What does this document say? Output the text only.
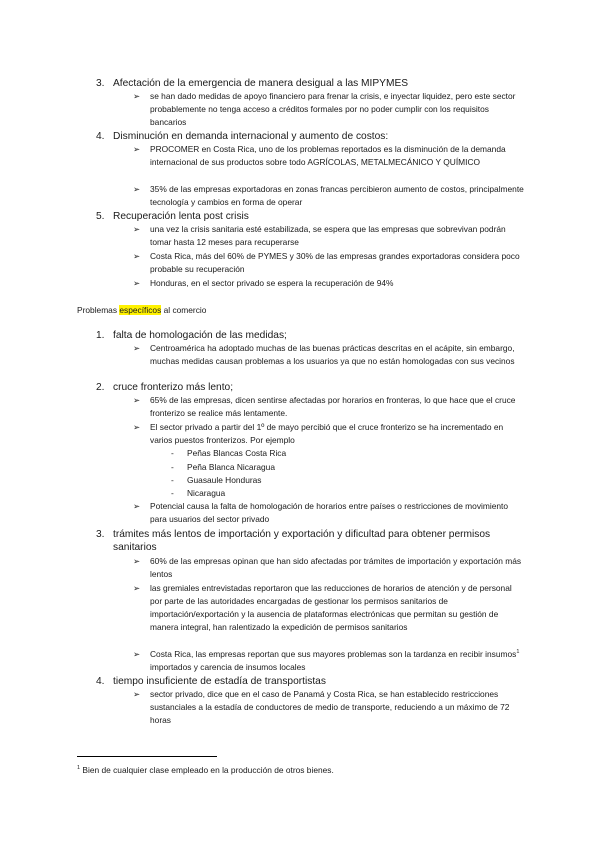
3. Afectación de la emergencia de manera desigual a las MIPYMES
➢	se han dado medidas de apoyo financiero para frenar la crisis, e inyectar liquidez, pero este sector probablemente no tenga acceso a créditos formales por no poder cumplir con los requisitos bancarios
4. Disminución en demanda internacional y aumento de costos:
➢	PROCOMER en Costa Rica, uno de los problemas reportados es la disminución de la demanda internacional de sus productos sobre todo AGRÍCOLAS, METALMECÁNICO Y QUÍMICO
➢	35% de las empresas exportadoras en zonas francas percibieron aumento de costos, principalmente tecnología y cambios en forma de operar
5. Recuperación lenta post crisis
➢	una vez la crisis sanitaria esté estabilizada, se espera que las empresas que sobrevivan podrán tomar hasta 12 meses para recuperarse
➢	Costa Rica, más del 60% de PYMES y 30% de las empresas grandes exportadoras considera poco probable su recuperación
➢	Honduras, en el sector privado se espera la recuperación de 94%
Problemas específicos al comercio
1. falta de homologación de las medidas;
➢	Centroamérica ha adoptado muchas de las buenas prácticas descritas en el acápite, sin embargo, muchas medidas causan problemas a los usuarios ya que no están homologadas con sus vecinos
2. cruce fronterizo más lento;
➢	65% de las empresas, dicen sentirse afectadas por horarios en fronteras, lo que hace que el cruce fronterizo se realice más lentamente.
➢	El sector privado a partir del 1º de mayo percibió que el cruce fronterizo se ha incrementado en varios puestos fronterizos. Por ejemplo
- Peñas Blancas Costa Rica
- Peña Blanca Nicaragua
- Guasaule Honduras
- Nicaragua
➢	Potencial causa la falta de homologación de horarios entre países o restricciones de movimiento para usuarios del sector privado
3. trámites más lentos de importación y exportación y dificultad para obtener permisos
sanitarios
➢	60% de las empresas opinan que han sido afectadas por trámites de importación y exportación más lentos
➢	las gremiales entrevistadas reportaron que las reducciones de horarios de atención y de personal por parte de las autoridades encargadas de gestionar los permisos sanitarios de importación/exportación y la ausencia de plataformas electrónicas que permitan su gestión de manera integral, han ralentizado la expedición de permisos sanitarios
➢	Costa Rica, las empresas reportan que sus mayores problemas son la tardanza en recibir insumos$^1$ importados y carencia de insumos locales
4. tiempo insuficiente de estadía de transportistas
➢	sector privado, dice que en el caso de Panamá y Costa Rica, se han establecido restricciones sustanciales a la estadía de conductores de medio de transporte, reduciendo a un máximo de 72 horas
$^1$ Bien de cualquier clase empleado en la producción de otros bienes.
